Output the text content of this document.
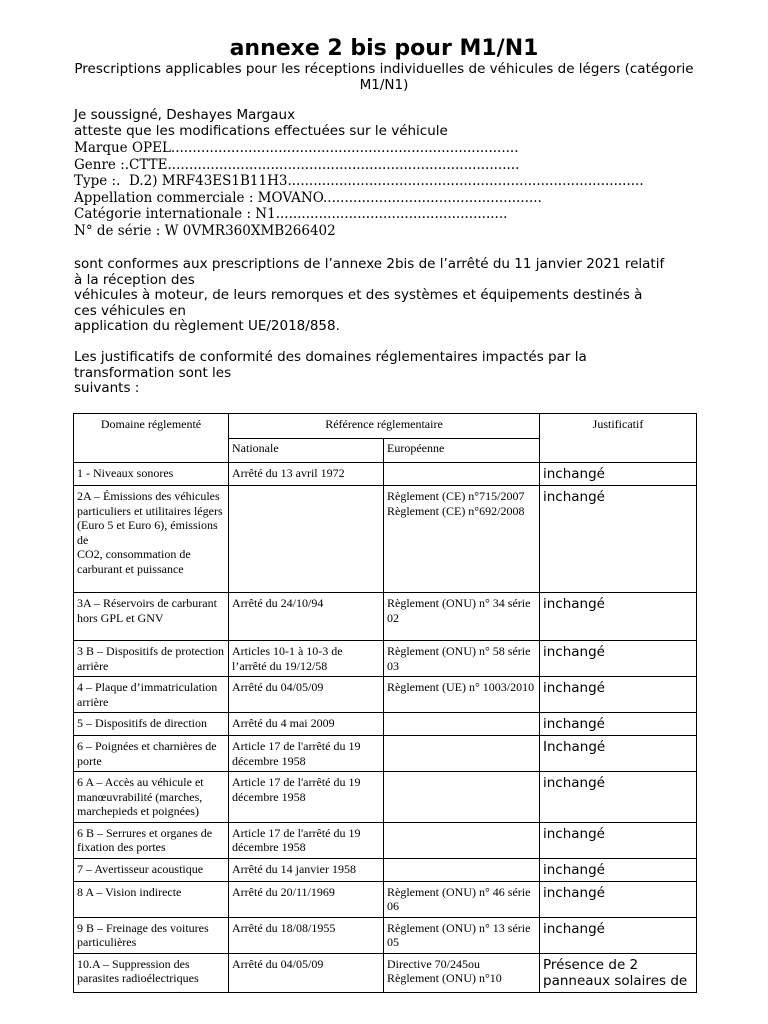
annexe 2 bis pour M1/N1
Prescriptions applicables pour les réceptions individuelles de véhicules de légers (catégorie M1/N1)
Je soussigné, Deshayes Margaux
atteste que les modifications effectuées sur le véhicule
Marque OPEL.................................................................................
Genre :.CTTE..................................................................................
Type :.  D.2) MRF43ES1B11H3...................................................................................
Appellation commerciale : MOVANO...................................................
Catégorie internationale : N1......................................................
N° de série : W 0VMR360XMB266402
sont conformes aux prescriptions de l’annexe 2bis de l’arrêté du 11 janvier 2021 relatif
à la réception des
véhicules à moteur, de leurs remorques et des systèmes et équipements destinés à
ces véhicules en
application du règlement UE/2018/858.
Les justificatifs de conformité des domaines réglementaires impactés par la
transformation sont les
suivants :
Domaine réglementé	Référence réglementaire		Justificatif
	Nationale	Européenne	
1 - Niveaux sonores	Arrêté du 13 avril 1972		inchangé
2A – Émissions des véhicules particuliers et utilitaires légers
(Euro 5 et Euro 6), émissions de
CO2, consommation de carburant et puissance		Règlement (CE) n°715/2007
Règlement (CE) n°692/2008	inchangé
3A – Réservoirs de carburant hors GPL et GNV	Arrêté du 24/10/94	Règlement (ONU) n° 34 série 02	inchangé
3 B – Dispositifs de protection arrière	Articles 10-1 à 10-3 de l’arrêté du 19/12/58	Règlement (ONU) n° 58 série 03	inchangé
4 – Plaque d’immatriculation arrière	Arrêté du 04/05/09	Règlement (UE) n° 1003/2010	inchangé
5 – Dispositifs de direction	Arrêté du 4 mai 2009		inchangé
6 – Poignées et charnières de porte	Article 17 de l'arrêté du 19 décembre 1958		Inchangé
6 A – Accès au véhicule et manœuvrabilité (marches, marchepieds et poignées)	Article 17 de l'arrêté du 19 décembre 1958		inchangé
6 B – Serrures et organes de fixation des portes	Article 17 de l'arrêté du 19 décembre 1958		inchangé
7 – Avertisseur acoustique	Arrêté du 14 janvier 1958		inchangé
8 A – Vision indirecte	Arrêté du 20/11/1969	Règlement (ONU) n° 46 série 06	inchangé
9 B – Freinage des voitures particulières	Arrêté du 18/08/1955	Règlement (ONU) n° 13 série 05	inchangé
10.A – Suppression des parasites radioélectriques	Arrêté du 04/05/09	Directive 70/245ou
Règlement (ONU) n°10	Présence de 2 panneaux solaires de
